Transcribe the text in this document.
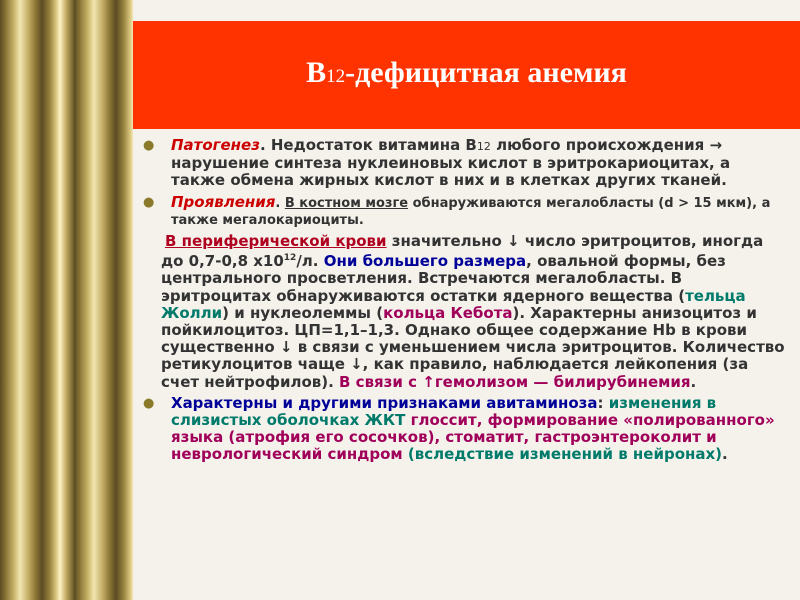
В12-дефицитная анемия
● Патогенез. Недостаток витамина В12 любого происхождения → нарушение синтеза нуклеиновых кислот в эритрокариоцитах, а также обмена жирных кислот в них и в клетках других тканей.
● Проявления. В костном мозге обнаруживаются мегалобласты (d > 15 мкм), а также мегалокариоциты.
В периферической крови значительно ↓ число эритроцитов, иногда до 0,7-0,8 $х10^{12}/л$. Они большего размера, овальной формы, без центрального просветления. Встречаются мегалобласты. В эритроцитах обнаруживаются остатки ядерного вещества (тельца Жолли) и нуклеолеммы (кольца Кебота). Характерны анизоцитоз и пойкилоцитоз. ЦП=1,1–1,3. Однако общее содержание Hb в крови существенно ↓ в связи с уменьшением числа эритроцитов. Количество ретикулоцитов чаще ↓, как правило, наблюдается лейкопения (за счет нейтрофилов). В связи с ↑гемолизом — билирубинемия.
● Характерны и другими признаками авитаминоза: изменения в слизистых оболочках ЖКТ глоссит, формирование «полированного» языка (атрофия его сосочков), стоматит, гастроэнтероколит и неврологический синдром (вследствие изменений в нейронах).
